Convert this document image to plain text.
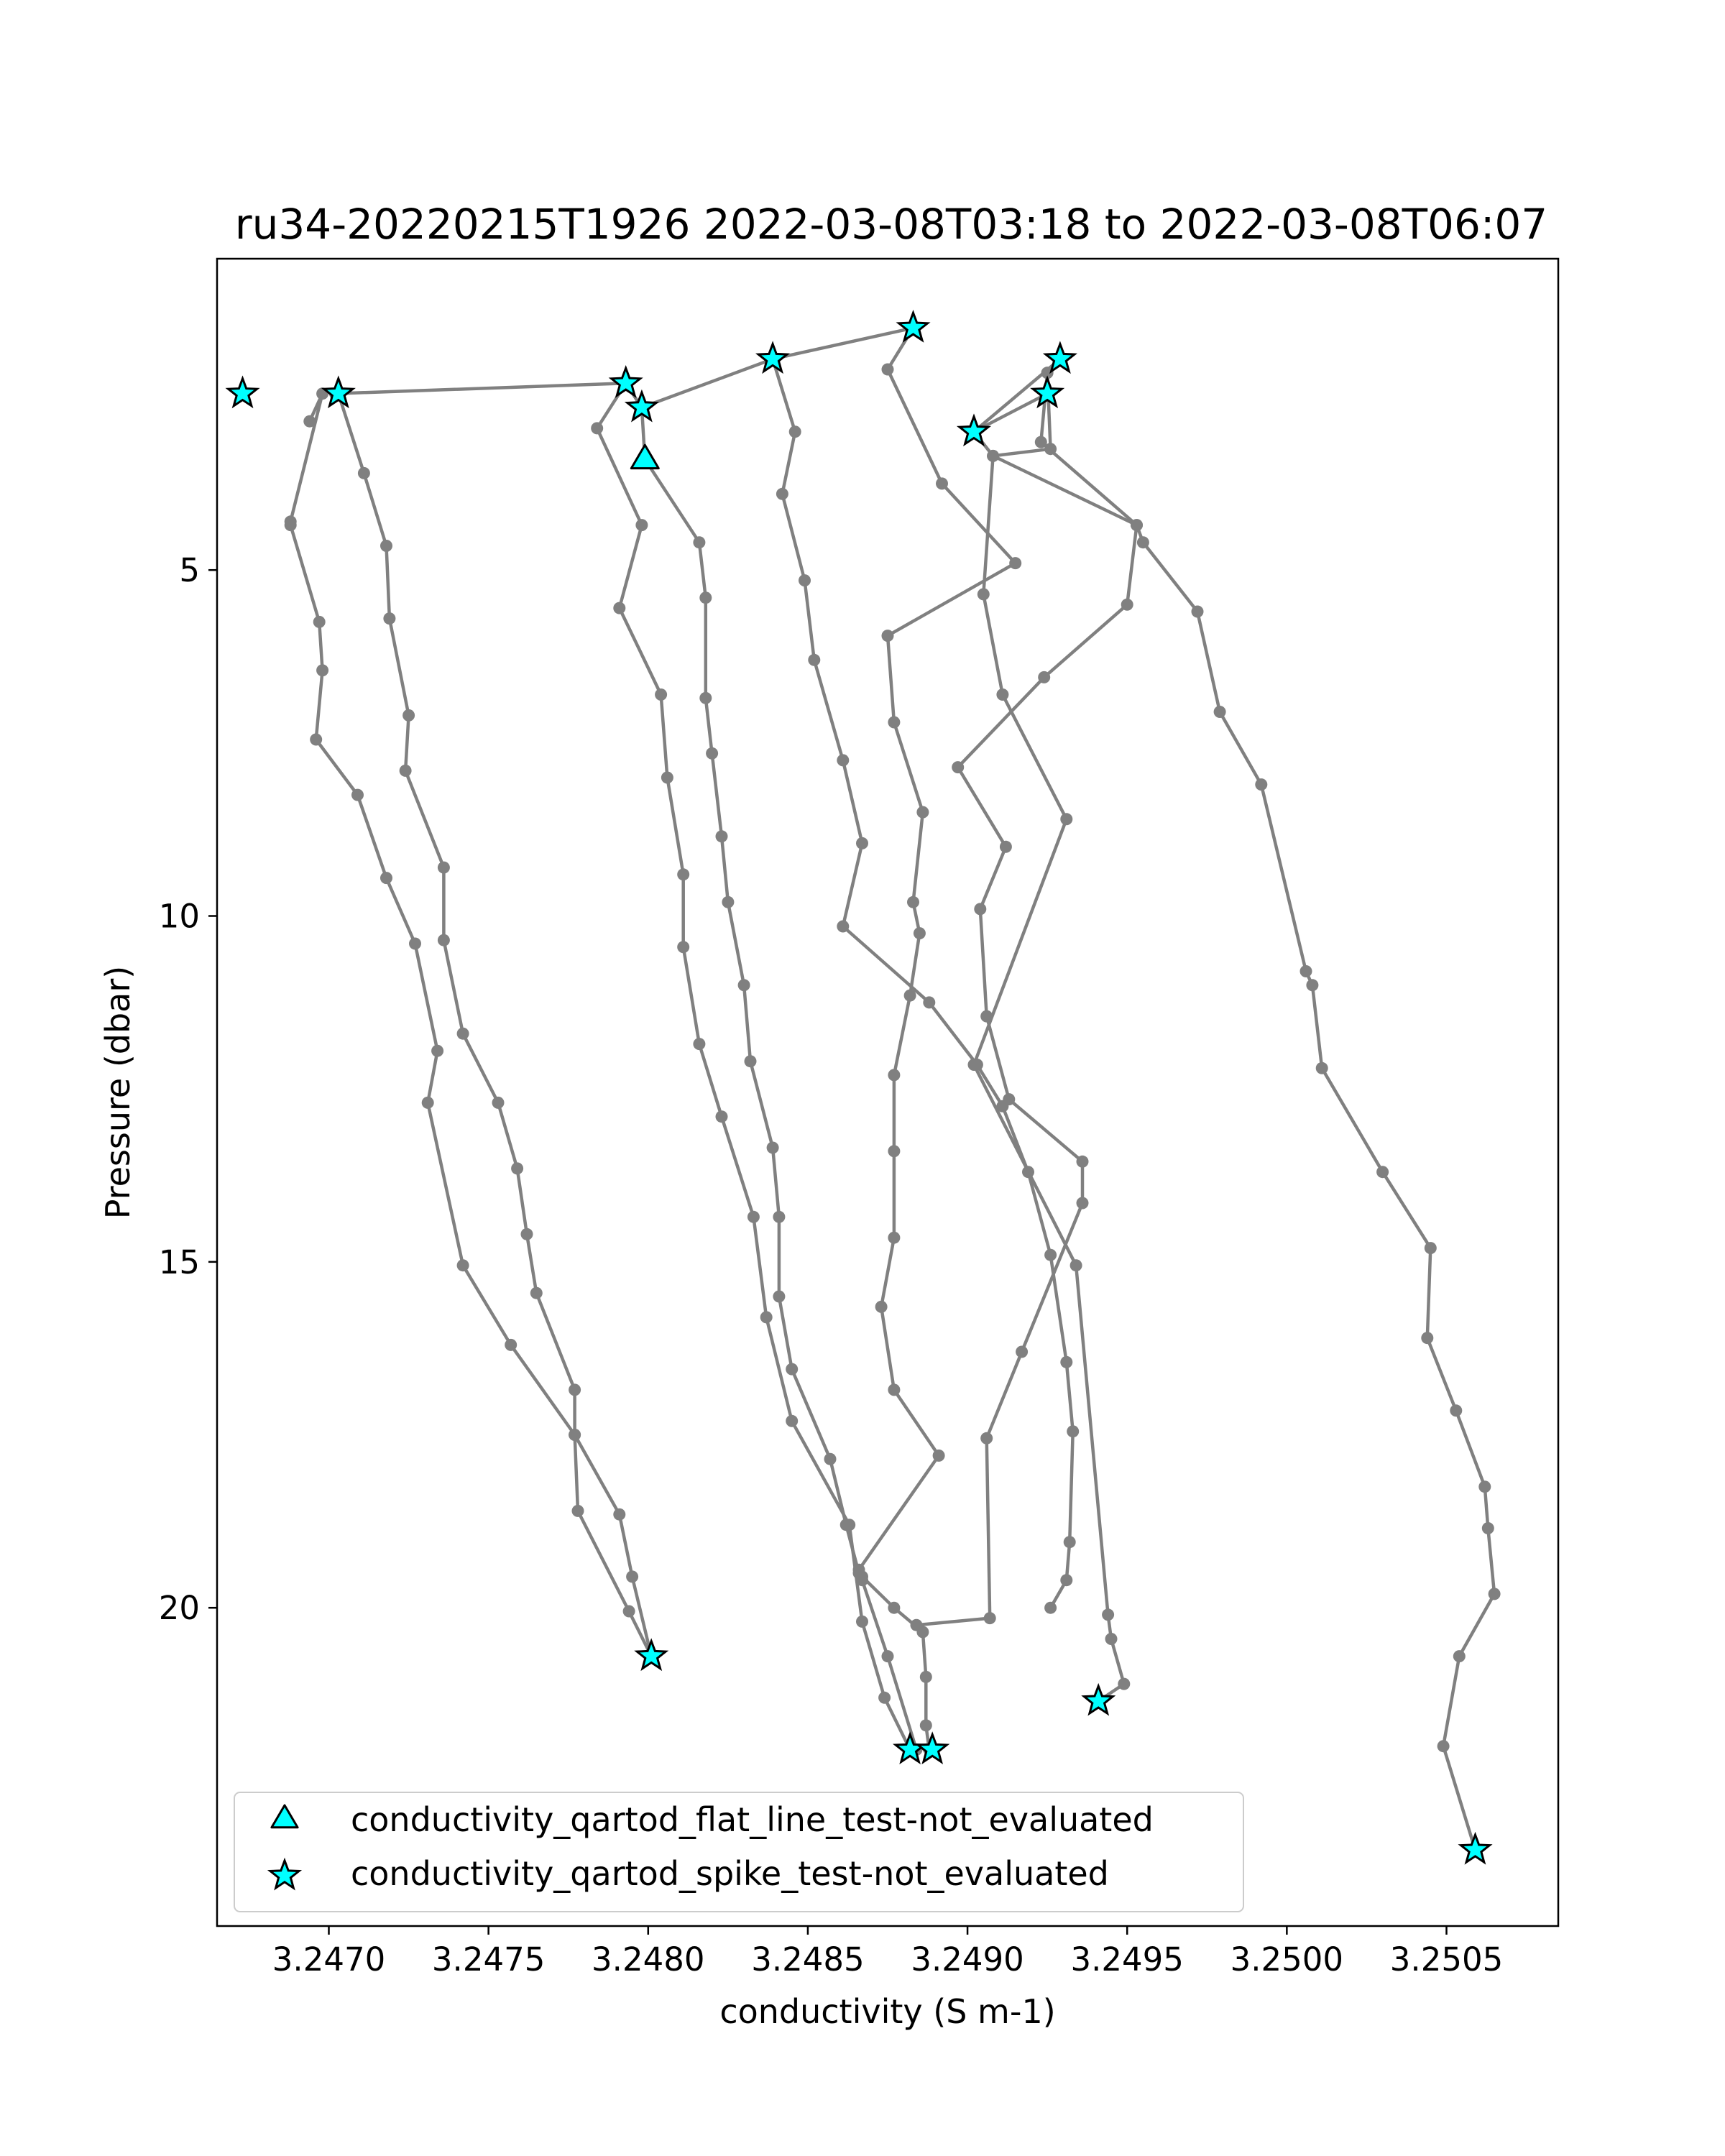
ru34-20220215T1926 2022-03-08T03:18 to 2022-03-08T06:07
3.2470 3.2475 3.2480 3.2485 3.2490 3.2495 3.2500 3.2505
5
10
15
20
conductivity (S m-1)
Pressure (dbar)
conductivity_qartod_flat_line_test-not_evaluated
conductivity_qartod_spike_test-not_evaluated
